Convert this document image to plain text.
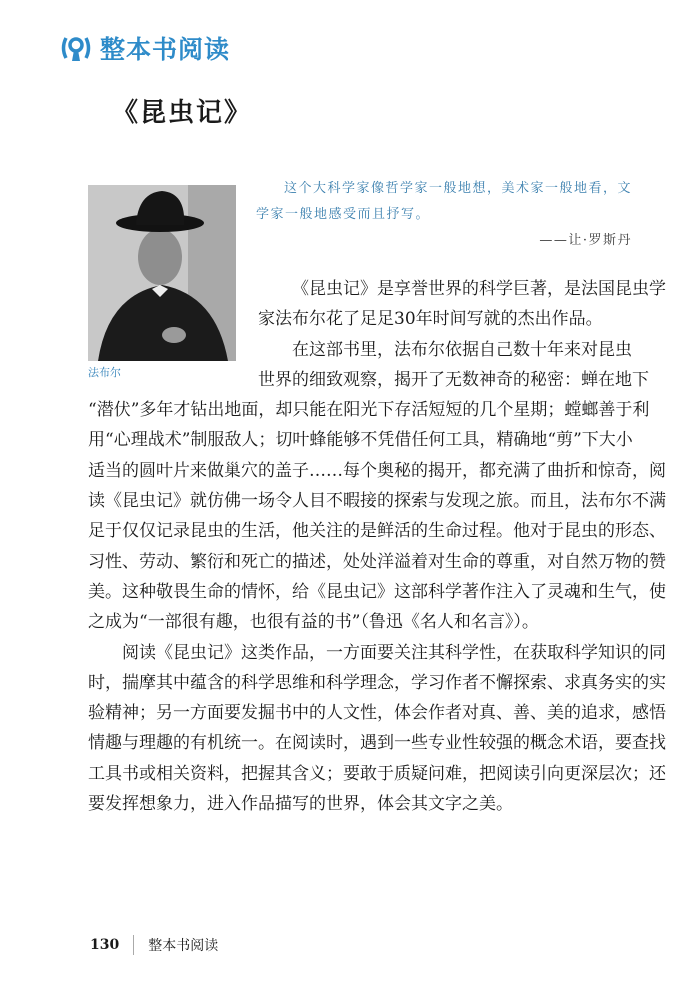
整本书阅读
《昆虫记》
法布尔
这个大科学家像哲学家一般地想，美术家一般地看，文
学家一般地感受而且抒写。
——让·罗斯丹
《昆虫记》是享誉世界的科学巨著，是法国昆虫学
家法布尔花了足足30年时间写就的杰出作品。
在这部书里，法布尔依据自己数十年来对昆虫
世界的细致观察，揭开了无数神奇的秘密：蝉在地下
“潜伏”多年才钻出地面，却只能在阳光下存活短短的几个星期；螳螂善于利
用“心理战术”制服敌人；切叶蜂能够不凭借任何工具，精确地“剪”下大小
适当的圆叶片来做巢穴的盖子……每个奥秘的揭开，都充满了曲折和惊奇，阅
读《昆虫记》就仿佛一场令人目不暇接的探索与发现之旅。而且，法布尔不满
足于仅仅记录昆虫的生活，他关注的是鲜活的生命过程。他对于昆虫的形态、
习性、劳动、繁衍和死亡的描述，处处洋溢着对生命的尊重，对自然万物的赞
美。这种敬畏生命的情怀，给《昆虫记》这部科学著作注入了灵魂和生气，使
之成为“一部很有趣，也很有益的书”（鲁迅《名人和名言》）。
阅读《昆虫记》这类作品，一方面要关注其科学性，在获取科学知识的同
时，揣摩其中蕴含的科学思维和科学理念，学习作者不懈探索、求真务实的实
验精神；另一方面要发掘书中的人文性，体会作者对真、善、美的追求，感悟
情趣与理趣的有机统一。在阅读时，遇到一些专业性较强的概念术语，要查找
工具书或相关资料，把握其含义；要敢于质疑问难，把阅读引向更深层次；还
要发挥想象力，进入作品描写的世界，体会其文字之美。
130 整本书阅读
